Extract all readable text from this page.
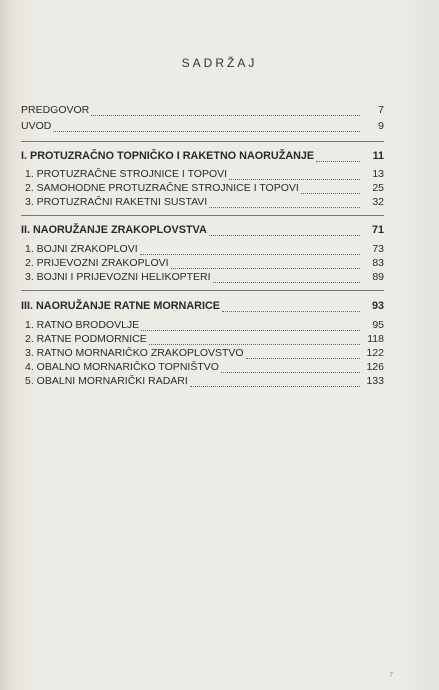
SADRŽAJ
PREDGOVOR	7
UVOD	9
I. PROTUZRAČNO TOPNIČKO I RAKETNO NAORUŽANJE	11
1. PROTUZRAČNE STROJNICE I TOPOVI	13
2. SAMOHODNE PROTUZRAČNE STROJNICE I TOPOVI	25
3. PROTUZRAČNI RAKETNI SUSTAVI	32
II. NAORUŽANJE ZRAKOPLOVSTVA	71
1. BOJNI ZRAKOPLOVI	73
2. PRIJEVOZNI ZRAKOPLOVI	83
3. BOJNI I PRIJEVOZNI HELIKOPTERI	89
III. NAORUŽANJE RATNE MORNARICE	93
1. RATNO BRODOVLJE	95
2. RATNE PODMORNICE	118
3. RATNO MORNARIČKO ZRAKOPLOVSTVO	122
4. OBALNO MORNARIČKO TOPNIŠTVO	126
5. OBALNI MORNARIČKI RADARI	133
7
